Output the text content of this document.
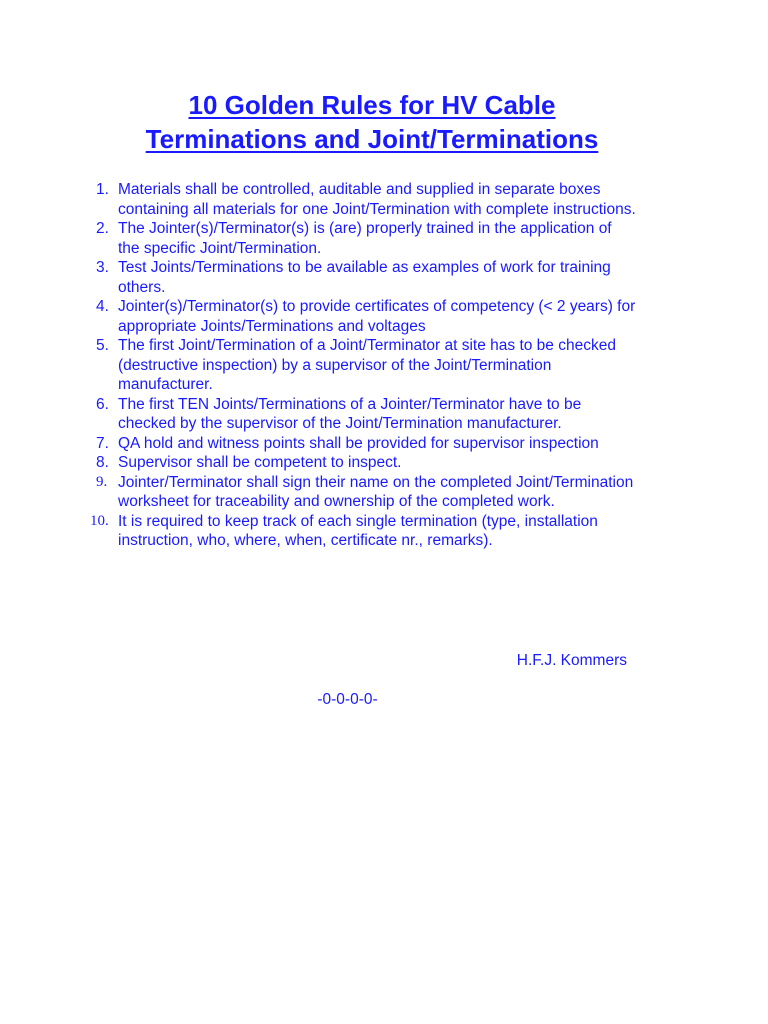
10 Golden Rules for HV Cable
Terminations and Joint/Terminations
1. Materials shall be controlled, auditable and supplied in separate boxes containing all materials for one Joint/Termination with complete instructions.
2. The Jointer(s)/Terminator(s) is (are) properly trained in the application of the specific Joint/Termination.
3. Test Joints/Terminations to be available as examples of work for training others.
4. Jointer(s)/Terminator(s) to provide certificates of competency (< 2 years) for appropriate Joints/Terminations and voltages
5. The first Joint/Termination of a Joint/Terminator at site has to be checked (destructive inspection) by a supervisor of the Joint/Termination manufacturer.
6. The first TEN Joints/Terminations of a Jointer/Terminator have to be checked by the supervisor of the Joint/Termination manufacturer.
7. QA hold and witness points shall be provided for supervisor inspection
8. Supervisor shall be competent to inspect.
9. Jointer/Terminator shall sign their name on the completed Joint/Termination worksheet for traceability and ownership of the completed work.
10. It is required to keep track of each single termination (type, installation instruction, who, where, when, certificate nr., remarks).
H.F.J. Kommers
-0-0-0-0-
